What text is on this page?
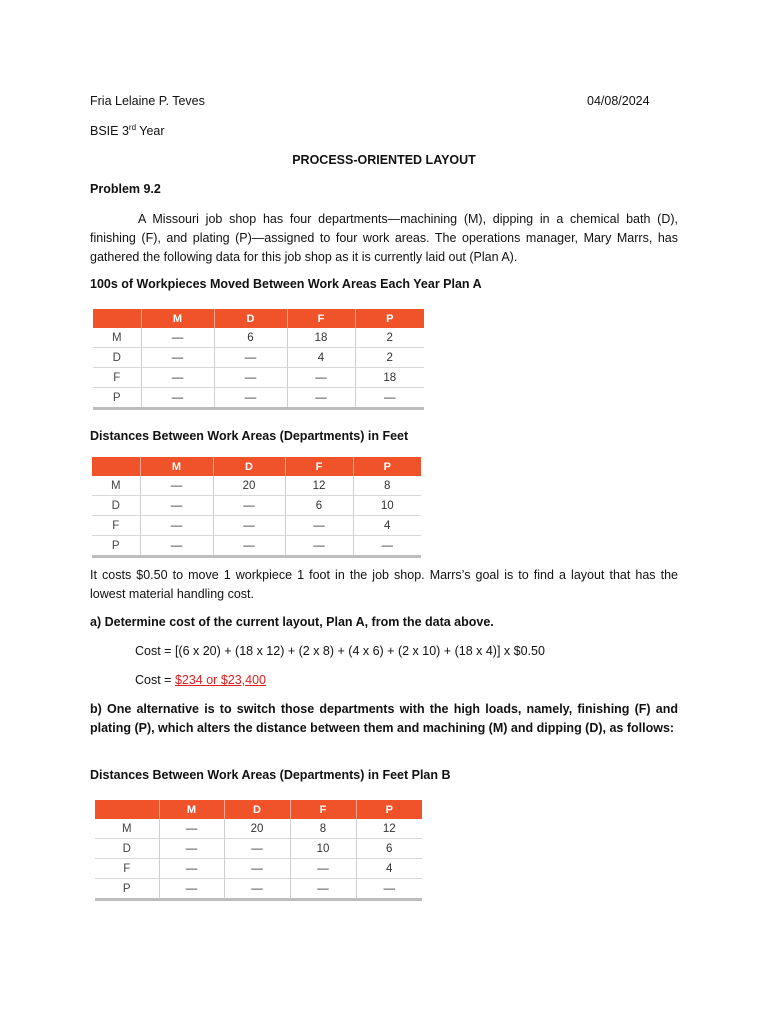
Fria Lelaine P. Teves	04/08/2024
BSIE 3rd Year
PROCESS-ORIENTED LAYOUT
Problem 9.2
A Missouri job shop has four departments—machining (M), dipping in a chemical bath (D), finishing (F), and plating (P)—assigned to four work areas. The operations manager, Mary Marrs, has gathered the following data for this job shop as it is currently laid out (Plan A).
100s of Workpieces Moved Between Work Areas Each Year Plan A
	M	D	F	P
M	—	6	18	2
D	—	—	4	2
F	—	—	—	18
P	—	—	—	—
Distances Between Work Areas (Departments) in Feet
	M	D	F	P
M	—	20	12	8
D	—	—	6	10
F	—	—	—	4
P	—	—	—	—
It costs $0.50 to move 1 workpiece 1 foot in the job shop. Marrs’s goal is to find a layout that has the lowest material handling cost.
a) Determine cost of the current layout, Plan A, from the data above.
Cost = [(6 x 20) + (18 x 12) + (2 x 8) + (4 x 6) + (2 x 10) + (18 x 4)] x $0.50
Cost = $234 or $23,400
b) One alternative is to switch those departments with the high loads, namely, finishing (F) and plating (P), which alters the distance between them and machining (M) and dipping (D), as follows:
Distances Between Work Areas (Departments) in Feet Plan B
	M	D	F	P
M	—	20	8	12
D	—	—	10	6
F	—	—	—	4
P	—	—	—	—
